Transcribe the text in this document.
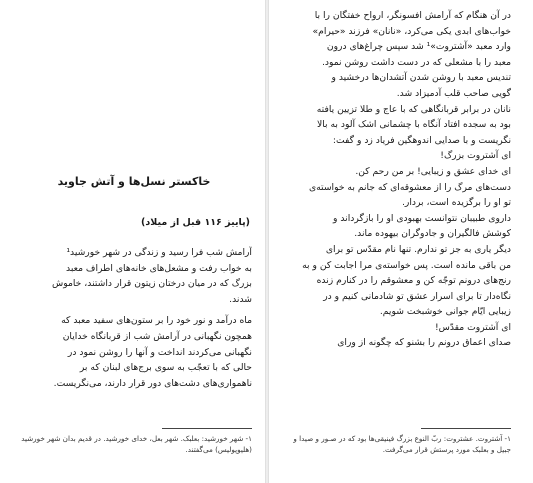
خاکستر نسل‌ها و آتش جاوید
(پاییز ۱۱۶ قبل از میلاد)
آرامش شب فرا رسید و زندگی در شهر خورشید¹
به خواب رفت و مشعل‌های خانه‌های اطراف معبد
بزرگ که در میان درختان زیتون قرار داشتند، خاموش
شدند.
ماه درآمد و نور خود را بر ستون‌های سفید معبد که
همچون نگهبانی در آرامش شب از قربانگاه خدایان
نگهبانی می‌کردند انداخت و آنها را روشن نمود در
حالی که با تعجّب به سوی برج‌های لبنان که بر
ناهمواری‌های دشت‌های دور قرار دارند، می‌نگریست.
۱- شهر خورشید: بعلبک. شهر بعل، خدای خورشید. در قدیم بدان شهر خورشید (هلیوپولیس) می‌گفتند.
در آن هنگام که آرامش افسونگر، ارواح خفتگان را با
خواب‌های ابدی یکی می‌کرد، «نانان» فرزند «حیرام»
وارد معبد «آشتروت»¹ شد سپس چراغ‌های درون
معبد را با مشعلی که در دست داشت روشن نمود.
تندیس معبد با روشن شدن آتشدان‌ها درخشید و
گویی صاحب قلب آدمیزاد شد.
نانان در برابر قربانگاهی که با عاج و طلا تزیین یافته
بود به سجده افتاد آنگاه با چشمانی اشک آلود به بالا
نگریست و با صدایی اندوهگین فریاد زد و گفت:
ای آشتروت بزرگ!
ای خدای عشق و زیبایی! بر من رحم کن.
دست‌های مرگ را از معشوقه‌ای که جانم به خواسته‌ی
تو او را برگزیده است، بردار.
داروی طبیبان نتوانست بهبودی او را بازگرداند و
کوشش فالگیران و جادوگران بیهوده ماند.
دیگر یاری به جز تو ندارم. تنها نام مقدّس تو برای
من باقی مانده است. پس خواسته‌ی مرا اجابت کن و به
رنج‌های درونم توجّه کن و معشوقم را در کنارم زنده
نگاه‌دار تا برای اسرار عشق تو شادمانی کنیم و در
زیبایی ایّام جوانی خوشبخت شویم.
ای آشتروت مقدّس!
صدای اعماق درونم را بشنو که چگونه از ورای
۱- آشتروت. عشتروت: ربّ النوع بزرگ فینیقی‌ها بود که در صـور و صیدا و جبیل و بعلبک مورد پرستش قرار می‌گرفت.
